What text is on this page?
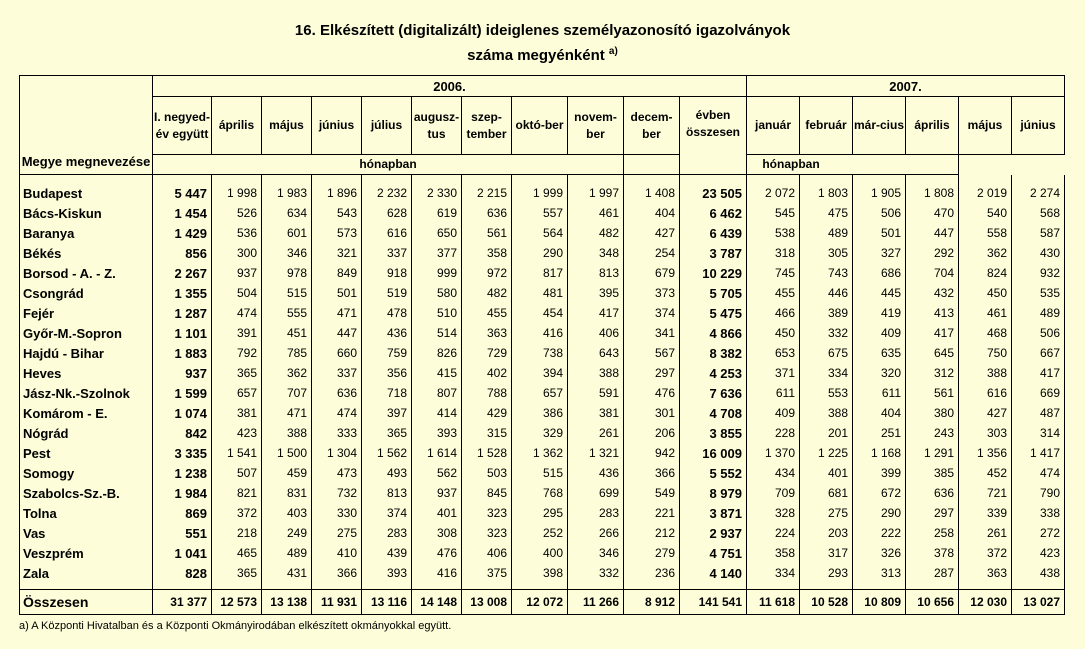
16. Elkészített (digitalizált) ideiglenes személyazonosító igazolványok
száma megyénként $^{a)}$
Megye megnevezése	2006.											2007.					
	I. negyed-év együtt	április	május	június	július	augusz-tus	szep-tember	októ-ber	novem-ber	decem-ber	évben összesen	január	február	már-cius	április	május	június
	hónapban									hónapban							

Budapest	5 447	1 998	1 983	1 896	2 232	2 330	2 215	1 999	1 997	1 408	23 505	2 072	1 803	1 905	1 808	2 019	2 274
Bács-Kiskun	1 454	526	634	543	628	619	636	557	461	404	6 462	545	475	506	470	540	568
Baranya	1 429	536	601	573	616	650	561	564	482	427	6 439	538	489	501	447	558	587
Békés	856	300	346	321	337	377	358	290	348	254	3 787	318	305	327	292	362	430
Borsod - A. - Z.	2 267	937	978	849	918	999	972	817	813	679	10 229	745	743	686	704	824	932
Csongrád	1 355	504	515	501	519	580	482	481	395	373	5 705	455	446	445	432	450	535
Fejér	1 287	474	555	471	478	510	455	454	417	374	5 475	466	389	419	413	461	489
Győr-M.-Sopron	1 101	391	451	447	436	514	363	416	406	341	4 866	450	332	409	417	468	506
Hajdú - Bihar	1 883	792	785	660	759	826	729	738	643	567	8 382	653	675	635	645	750	667
Heves	937	365	362	337	356	415	402	394	388	297	4 253	371	334	320	312	388	417
Jász-Nk.-Szolnok	1 599	657	707	636	718	807	788	657	591	476	7 636	611	553	611	561	616	669
Komárom - E.	1 074	381	471	474	397	414	429	386	381	301	4 708	409	388	404	380	427	487
Nógrád	842	423	388	333	365	393	315	329	261	206	3 855	228	201	251	243	303	314
Pest	3 335	1 541	1 500	1 304	1 562	1 614	1 528	1 362	1 321	942	16 009	1 370	1 225	1 168	1 291	1 356	1 417
Somogy	1 238	507	459	473	493	562	503	515	436	366	5 552	434	401	399	385	452	474
Szabolcs-Sz.-B.	1 984	821	831	732	813	937	845	768	699	549	8 979	709	681	672	636	721	790
Tolna	869	372	403	330	374	401	323	295	283	221	3 871	328	275	290	297	339	338
Vas	551	218	249	275	283	308	323	252	266	212	2 937	224	203	222	258	261	272
Veszprém	1 041	465	489	410	439	476	406	400	346	279	4 751	358	317	326	378	372	423
Zala	828	365	431	366	393	416	375	398	332	236	4 140	334	293	313	287	363	438

Összesen	31 377	12 573	13 138	11 931	13 116	14 148	13 008	12 072	11 266	8 912	141 541	11 618	10 528	10 809	10 656	12 030	13 027
a) A Központi Hivatalban és a Központi Okmányirodában elkészített okmányokkal együtt.
